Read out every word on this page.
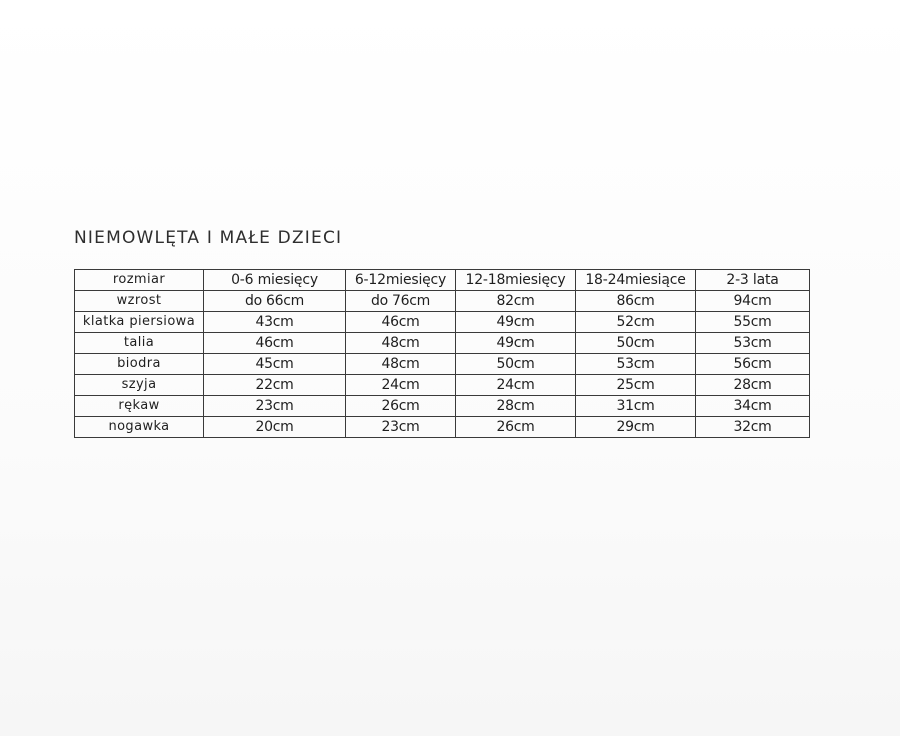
NIEMOWLĘTA I MAŁE DZIECI
rozmiar	0-6 miesięcy	6-12miesięcy	12-18miesięcy	18-24miesiące	2-3 lata
wzrost	do 66cm	do 76cm	82cm	86cm	94cm
klatka piersiowa	43cm	46cm	49cm	52cm	55cm
talia	46cm	48cm	49cm	50cm	53cm
biodra	45cm	48cm	50cm	53cm	56cm
szyja	22cm	24cm	24cm	25cm	28cm
rękaw	23cm	26cm	28cm	31cm	34cm
nogawka	20cm	23cm	26cm	29cm	32cm
